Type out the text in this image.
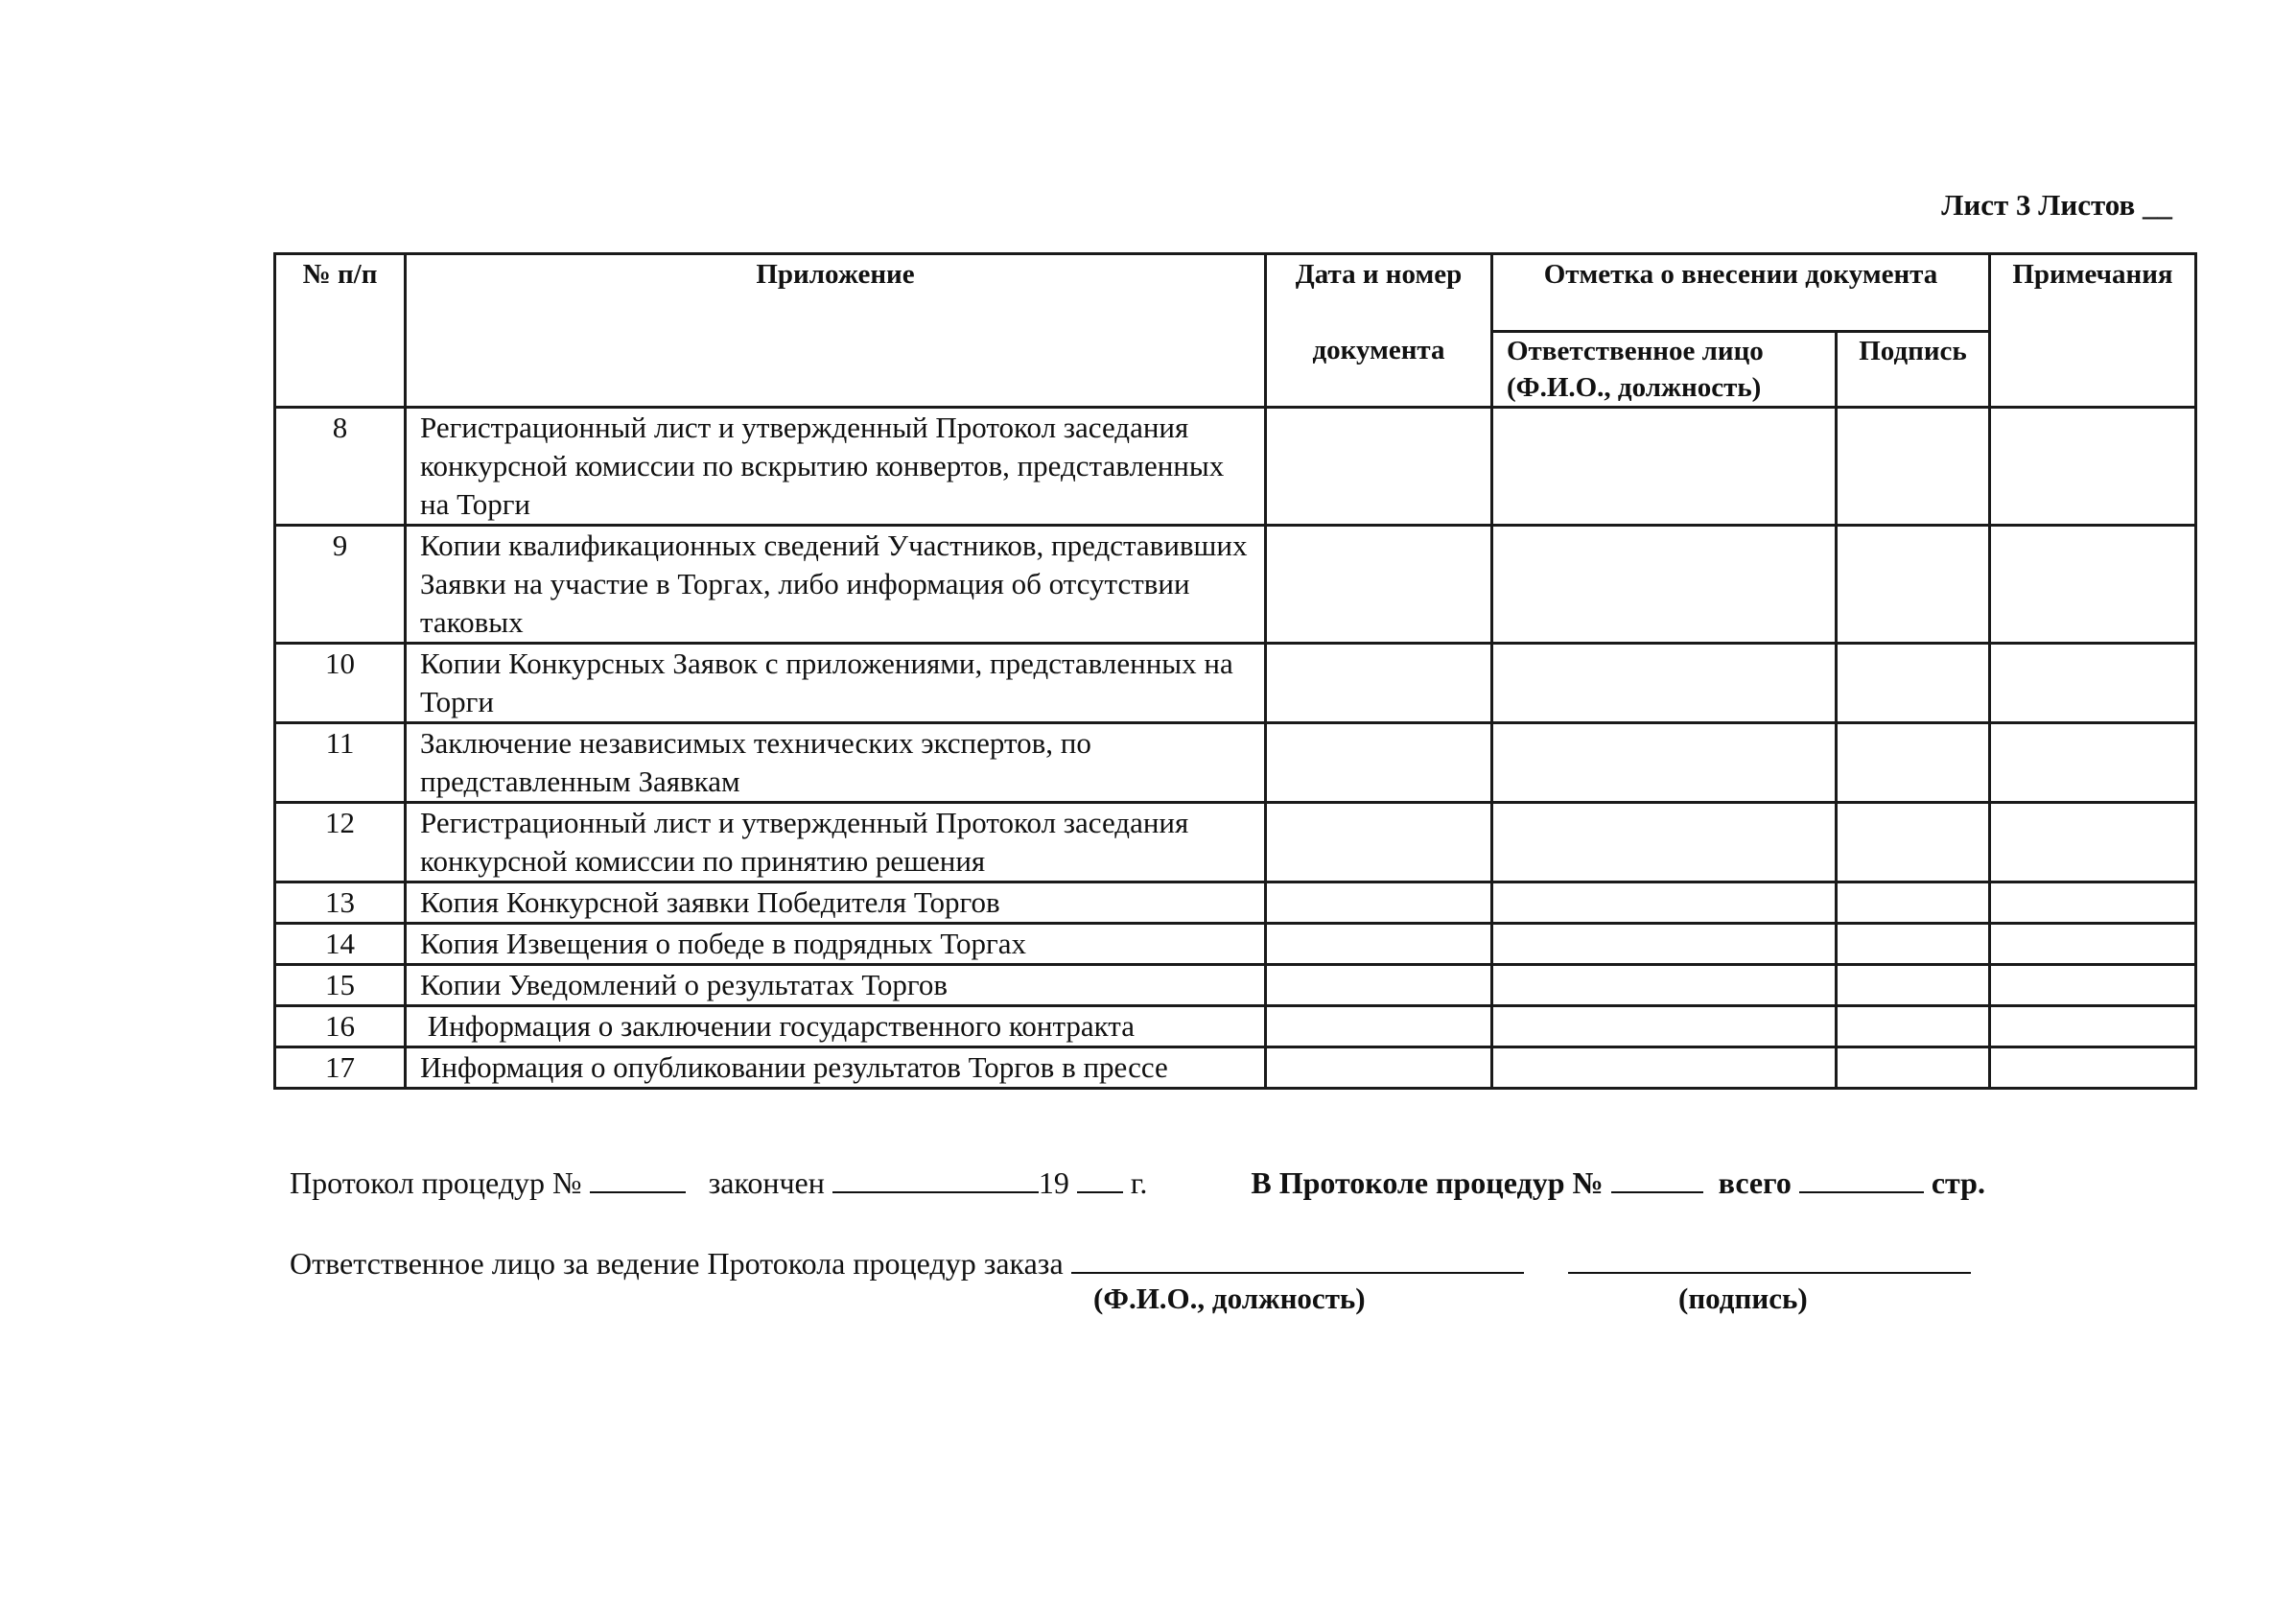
Лист 3 Листов __
№ п/п	Приложение	Дата и номер	Отметка о внесении документа		Примечания
		документа	Ответственное лицо (Ф.И.О., должность)	Подпись	
8	Регистрационный лист и утвержденный Протокол заседания конкурсной комиссии по вскрытию конвертов, представленных на Торги				
9	Копии квалификационных сведений Участников, представивших Заявки на участие в Торгах, либо информация об отсутствии таковых				
10	Копии Конкурсных Заявок с приложениями, представленных на Торги				
11	Заключение независимых технических экспертов, по представленным Заявкам				
12	Регистрационный лист и утвержденный Протокол заседания конкурсной комиссии по принятию решения				
13	Копия Конкурсной заявки Победителя Торгов				
14	Копия Извещения о победе в подрядных Торгах				
15	Копии Уведомлений о результатах Торгов				
16	Информация о заключении государственного контракта				
17	Информация о опубликовании результатов Торгов в прессе				
Протокол процедур №	закончен	19 г.	В Протоколе процедур №	всего	стр.
Ответственное лицо за ведение Протокола процедур заказа
(Ф.И.О., должность)	(подпись)
